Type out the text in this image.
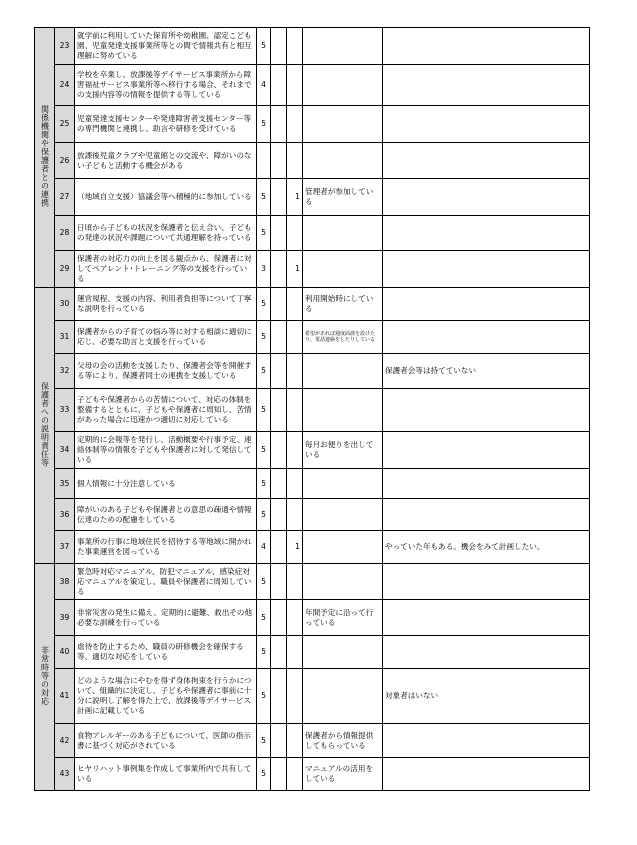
関係機関や保護者との連携	23	就学前に利用していた保育所や幼稚園、認定こども園、児童発達支援事業所等との間で情報共有と相互理解に努めている	5				
	24	学校を卒業し、放課後等デイサービス事業所から障害福祉サービス事業所等へ移行する場合、それまでの支援内容等の情報を提供する等している	4				
	25	児童発達支援センターや発達障害者支援センター等の専門機関と連携し、助言や研修を受けている	5				
	26	放課後児童クラブや児童館との交流や、障がいのない子どもと活動する機会がある					
	27	（地域自立支援）協議会等へ積極的に参加している	5		1	管理者が参加している	
	28	日頃から子どもの状況を保護者と伝え合い、子どもの発達の状況や課題について共通理解を持っている	5				
	29	保護者の対応力の向上を図る観点から、保護者に対してペアレント･トレーニング等の支援を行っている	3		1		
保護者への説明責任等	30	運営規程、支援の内容、利用者負担等について丁寧な説明を行っている	5			利用開始時にしている	
	31	保護者からの子育ての悩み等に対する相談に適切に応じ、必要な助言と支援を行っている	5			希望があれば週度面談を設けたり、電話連絡をしたりしている	
	32	父母の会の活動を支援したり、保護者会等を開催する等により、保護者同士の連携を支援している	5				保護者会等は持てていない
	33	子どもや保護者からの苦情について、対応の体制を整備するとともに、子どもや保護者に周知し、苦情があった場合に迅速かつ適切に対応している	5				
	34	定期的に会報等を発行し、活動概要や行事予定、連絡体制等の情報を子どもや保護者に対して発信している	5			毎月お便りを出している	
	35	個人情報に十分注意している	5				
	36	障がいのある子どもや保護者との意思の疎通や情報伝達のための配慮をしている	5				
	37	事業所の行事に地域住民を招待する等地域に開かれた事業運営を図っている	4		1		やっていた年もある。機会をみて計画したい。
非常時等の対応	38	緊急時対応マニュアル、防犯マニュアル、感染症対応マニュアルを策定し、職員や保護者に周知している	5				
	39	非常災害の発生に備え、定期的に避難、救出その他必要な訓練を行っている	5			年間予定に沿って行っている	
	40	虐待を防止するため、職員の研修機会を確保する等、適切な対応をしている	5				
	41	どのような場合にやむを得ず身体拘束を行うかについて、組織的に決定し、子どもや保護者に事前に十分に説明し了解を得た上で、放課後等デイサービス計画に記載している	5				対象者はいない
	42	食物アレルギーのある子どもについて、医師の指示書に基づく対応がされている	5			保護者から情報提供してもらっている	
	43	ヒヤリハット事例集を作成して事業所内で共有している	5			マニュアルの活用をしている	
